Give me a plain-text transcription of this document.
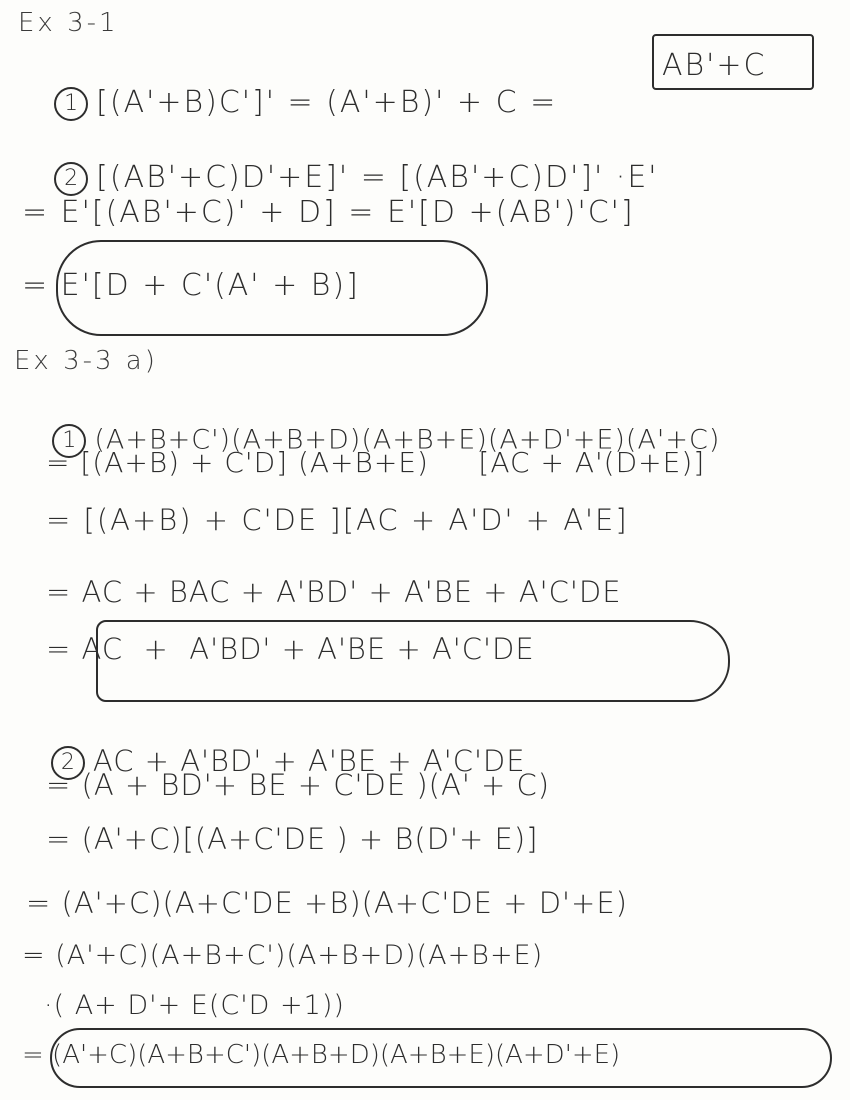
Ex 3-1

1 [(A'+B)C']' = (A'+B)' + C =

AB'+C

2 [(AB'+C)D'+E]' = [(AB'+C)D']' ·E'

= E'[(AB'+C)' + D] = E'[D +(AB')'C']
= E'[D + C'(A' + B)]
Ex 3-3 a)

1 (A+B+C')(A+B+D)(A+B+E)(A+D'+E)(A'+C)

= [(A+B) + C'D] (A+B+E)     [AC + A'(D+E)]
= [(A+B) + C'DE ][AC + A'D' + A'E]
= AC + BAC + A'BD' + A'BE + A'C'DE
= AC  +  A'BD' + A'BE + A'C'DE

2 AC + A'BD' + A'BE + A'C'DE

= (A + BD'+ BE + C'DE )(A' + C)
= (A'+C)[(A+C'DE ) + B(D'+ E)]
= (A'+C)(A+C'DE +B)(A+C'DE + D'+E)
= (A'+C)(A+B+C')(A+B+D)(A+B+E)
·( A+ D'+ E(C'D +1))
= (A'+C)(A+B+C')(A+B+D)(A+B+E)(A+D'+E)
